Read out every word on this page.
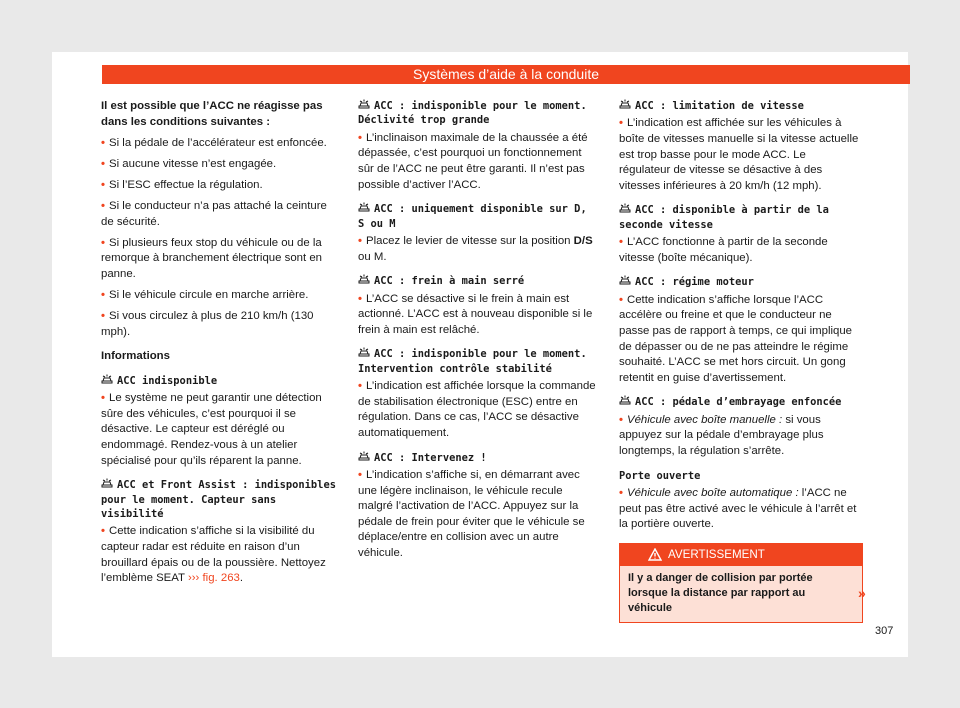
Systèmes d’aide à la conduite

Il est possible que l’ACC ne réagisse pas dans les conditions suivantes :

• Si la pédale de l’accélérateur est enfoncée.

• Si aucune vitesse n’est engagée.

• Si l’ESC effectue la régulation.

• Si le conducteur n’a pas attaché la ceinture de sécurité.

• Si plusieurs feux stop du véhicule ou de la remorque à branchement électrique sont en panne.

• Si le véhicule circule en marche arrière.

• Si vous circulez à plus de 210 km/h (130 mph).

Informations

ACC indisponible

• Le système ne peut garantir une détection sûre des véhicules, c’est pourquoi il se désactive. Le capteur est déréglé ou endommagé. Rendez-vous à un atelier spécialisé pour qu’ils réparent la panne.

ACC et Front Assist : indisponibles pour le moment. Capteur sans visibilité

• Cette indication s’affiche si la visibilité du capteur radar est réduite en raison d’un brouillard épais ou de la poussière. Nettoyez l’emblème SEAT ››› fig. 263.

ACC : indisponible pour le moment. Déclivité trop grande

• L’inclinaison maximale de la chaussée a été dépassée, c’est pourquoi un fonctionnement sûr de l’ACC ne peut être garanti. Il n’est pas possible d’activer l’ACC.

ACC : uniquement disponible sur D, S ou M

• Placez le levier de vitesse sur la position D/S ou M.

ACC : frein à main serré

• L’ACC se désactive si le frein à main est actionné. L’ACC est à nouveau disponible si le frein à main est relâché.

ACC : indisponible pour le moment. Intervention contrôle stabilité

• L’indication est affichée lorsque la commande de stabilisation électronique (ESC) entre en régulation. Dans ce cas, l’ACC se désactive automatiquement.

ACC : Intervenez !

• L’indication s’affiche si, en démarrant avec une légère inclinaison, le véhicule recule malgré l’activation de l’ACC. Appuyez sur la pédale de frein pour éviter que le véhicule se déplace/entre en collision avec un autre véhicule.

ACC : limitation de vitesse

• L’indication est affichée sur les véhicules à boîte de vitesses manuelle si la vitesse actuelle est trop basse pour le mode ACC. Le régulateur de vitesse se désactive à des vitesses inférieures à 20 km/h (12 mph).

ACC : disponible à partir de la seconde vitesse

• L’ACC fonctionne à partir de la seconde vitesse (boîte mécanique).

ACC : régime moteur

• Cette indication s’affiche lorsque l’ACC accélère ou freine et que le conducteur ne passe pas de rapport à temps, ce qui implique de dépasser ou de ne pas atteindre le régime souhaité. L’ACC se met hors circuit. Un gong retentit en guise d’avertissement.

ACC : pédale d’embrayage enfoncée

• Véhicule avec boîte manuelle : si vous appuyez sur la pédale d’embrayage plus longtemps, la régulation s’arrête.

Porte ouverte

• Véhicule avec boîte automatique : l’ACC ne peut pas être activé avec le véhicule à l’arrêt et la portière ouverte.

AVERTISSEMENT
Il y a danger de collision par portée lorsque la distance par rapport au véhicule
»
307
